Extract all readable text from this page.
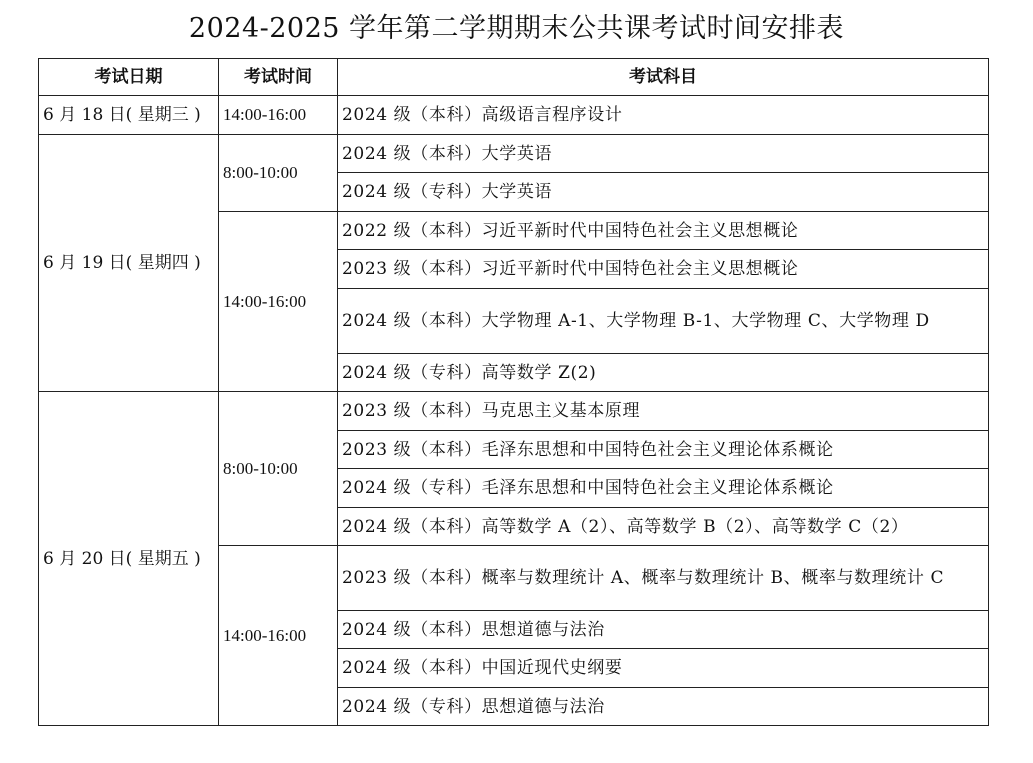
2024-2025 学年第二学期期末公共课考试时间安排表
考试日期	考试时间	考试科目
6 月 18 日( 星期三 )	14:00-16:00	2024 级（本科）高级语言程序设计
6 月 19 日( 星期四 )	8:00-10:00	2024 级（本科）大学英语
		2024 级（专科）大学英语
	14:00-16:00	2022 级（本科）习近平新时代中国特色社会主义思想概论
		2023 级（本科）习近平新时代中国特色社会主义思想概论
		2024 级（本科）大学物理 A-1、大学物理 B-1、大学物理 C、大学物理 D
		2024 级（专科）高等数学 Z(2)
6 月 20 日( 星期五 )	8:00-10:00	2023 级（本科）马克思主义基本原理
		2023 级（本科）毛泽东思想和中国特色社会主义理论体系概论
		2024 级（专科）毛泽东思想和中国特色社会主义理论体系概论
		2024 级（本科）高等数学 A（2）、高等数学 B（2）、高等数学 C（2）
	14:00-16:00	2023 级（本科）概率与数理统计 A、概率与数理统计 B、概率与数理统计 C
		2024 级（本科）思想道德与法治
		2024 级（本科）中国近现代史纲要
		2024 级（专科）思想道德与法治
